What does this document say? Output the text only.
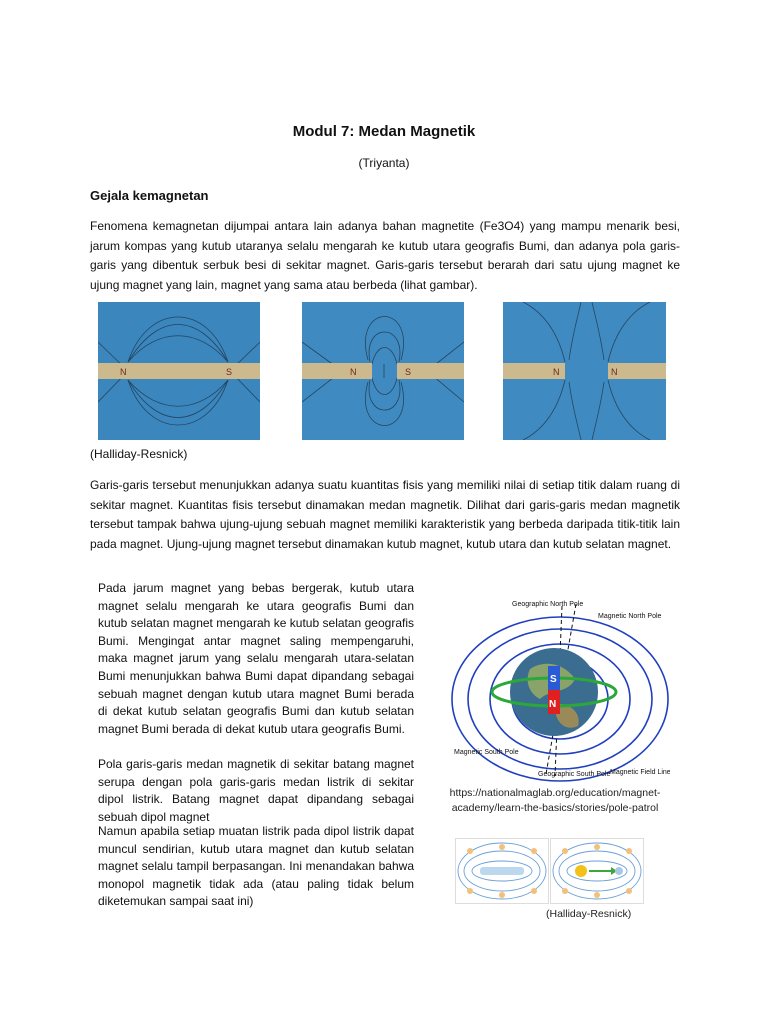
Modul 7: Medan Magnetik
(Triyanta)
Gejala kemagnetan
Fenomena kemagnetan dijumpai antara lain adanya bahan magnetite (Fe3O4) yang mampu menarik besi, jarum kompas yang kutub utaranya selalu mengarah ke kutub utara geografis Bumi, dan adanya pola garis-garis yang dibentuk serbuk besi di sekitar magnet. Garis-garis tersebut berarah dari satu ujung magnet ke ujung magnet yang lain, magnet yang sama atau berbeda (lihat gambar).
N	S	N	S	N	N
(Halliday-Resnick)
Garis-garis tersebut menunjukkan adanya suatu kuantitas fisis yang memiliki nilai di setiap titik dalam ruang di sekitar magnet. Kuantitas fisis tersebut dinamakan medan magnetik. Dilihat dari garis-garis medan magnetik tersebut tampak bahwa ujung-ujung sebuah magnet memiliki karakteristik yang berbeda daripada titik-titik lain pada magnet. Ujung-ujung magnet tersebut dinamakan kutub magnet, kutub utara dan kutub selatan magnet.
Pada jarum magnet yang bebas bergerak, kutub utara magnet selalu mengarah ke utara geografis Bumi dan kutub selatan magnet mengarah ke kutub selatan geografis Bumi. Mengingat antar magnet saling mempengaruhi, maka magnet jarum yang selalu mengarah utara-selatan Bumi menunjukkan bahwa Bumi dapat dipandang sebagai sebuah magnet dengan kutub utara magnet Bumi berada di dekat kutub selatan geografis Bumi dan kutub selatan magnet Bumi berada di dekat kutub utara geografis Bumi.
Pola garis-garis medan magnetik di sekitar batang magnet serupa dengan pola garis-garis medan listrik di sekitar dipol listrik. Batang magnet dapat dipandang sebagai sebuah dipol magnet
Namun apabila setiap muatan listrik pada dipol listrik dapat muncul sendirian, kutub utara magnet dan kutub selatan magnet selalu tampil berpasangan. Ini menandakan bahwa monopol magnetik tidak ada (atau paling tidak belum diketemukan sampai saat ini)
S
N
Geographic North Pole
Magnetic North Pole
Magnetic South Pole
Geographic South Pole Magnetic Field Lines
https://nationalmaglab.org/education/magnet-academy/learn-the-basics/stories/pole-patrol
(Halliday-Resnick)
